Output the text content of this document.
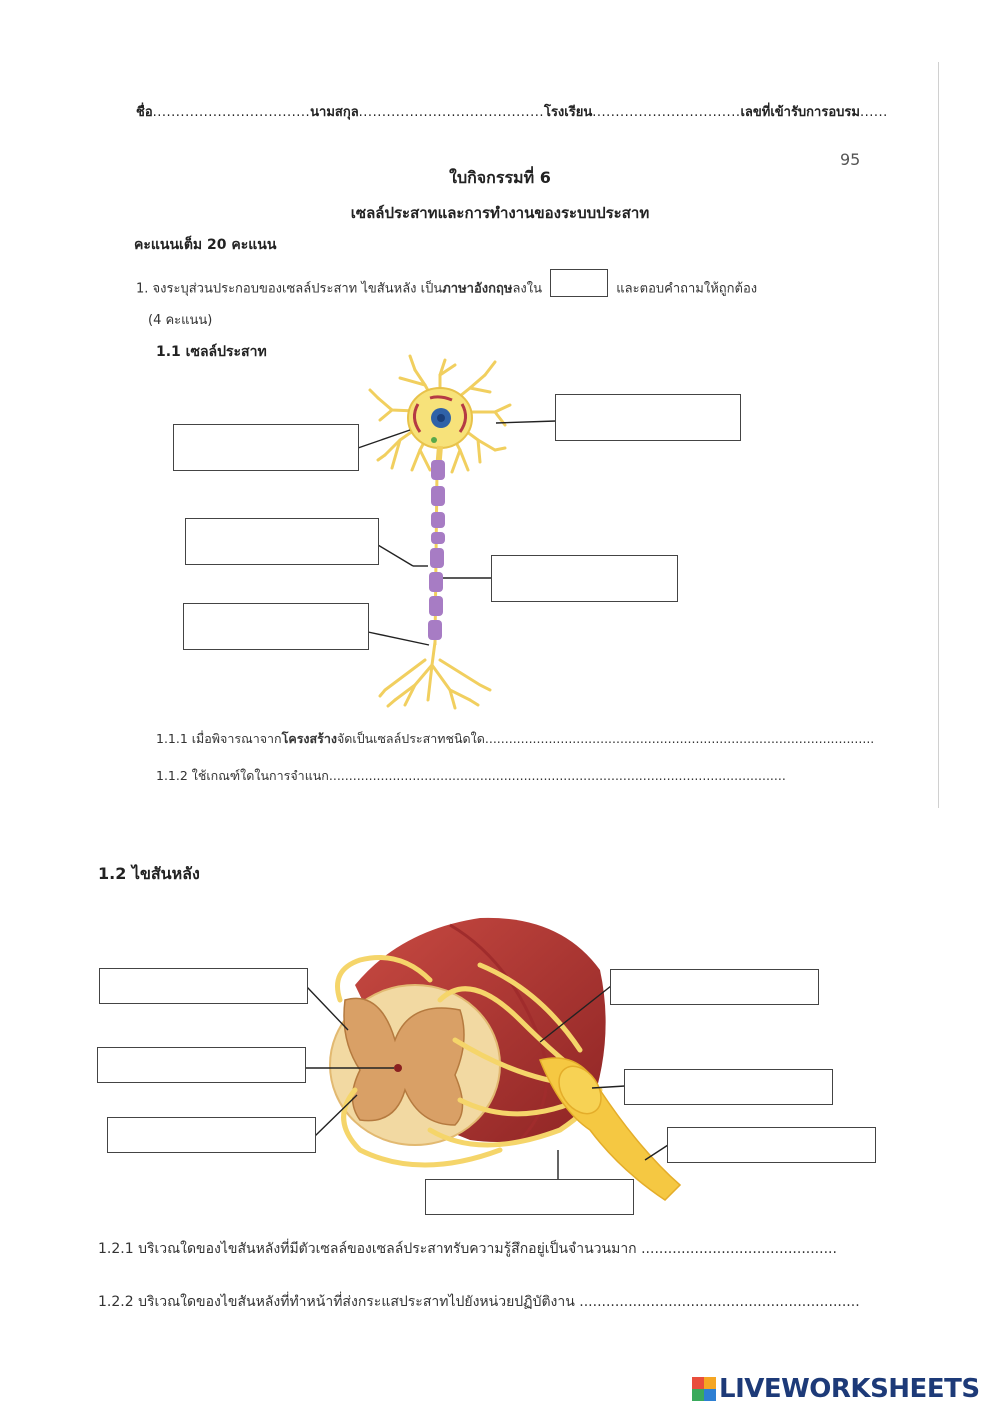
ชื่อ..................................นามสกุล........................................โรงเรียน................................เลขที่เข้ารับการอบรม......
95
ใบกิจกรรมที่ 6
เซลล์ประสาทและการทำงานของระบบประสาท
คะแนนเต็ม 20 คะแนน
1. จงระบุส่วนประกอบของเซลล์ประสาท ไขสันหลัง เป็นภาษาอังกฤษลงใน	และตอบคำถามให้ถูกต้อง
(4 คะแนน)
1.1 เซลล์ประสาท
1.1.1 เมื่อพิจารณาจากโครงสร้างจัดเป็นเซลล์ประสาทชนิดใด..................................................................................................
1.1.2 ใช้เกณฑ์ใดในการจำแนก...................................................................................................................
1.2 ไขสันหลัง
1.2.1 บริเวณใดของไขสันหลังที่มีตัวเซลล์ของเซลล์ประสาทรับความรู้สึกอยู่เป็นจำนวนมาก ............................................
1.2.2 บริเวณใดของไขสันหลังที่ทำหน้าที่ส่งกระแสประสาทไปยังหน่วยปฏิบัติงาน ...............................................................
LIVEWORKSHEETS
